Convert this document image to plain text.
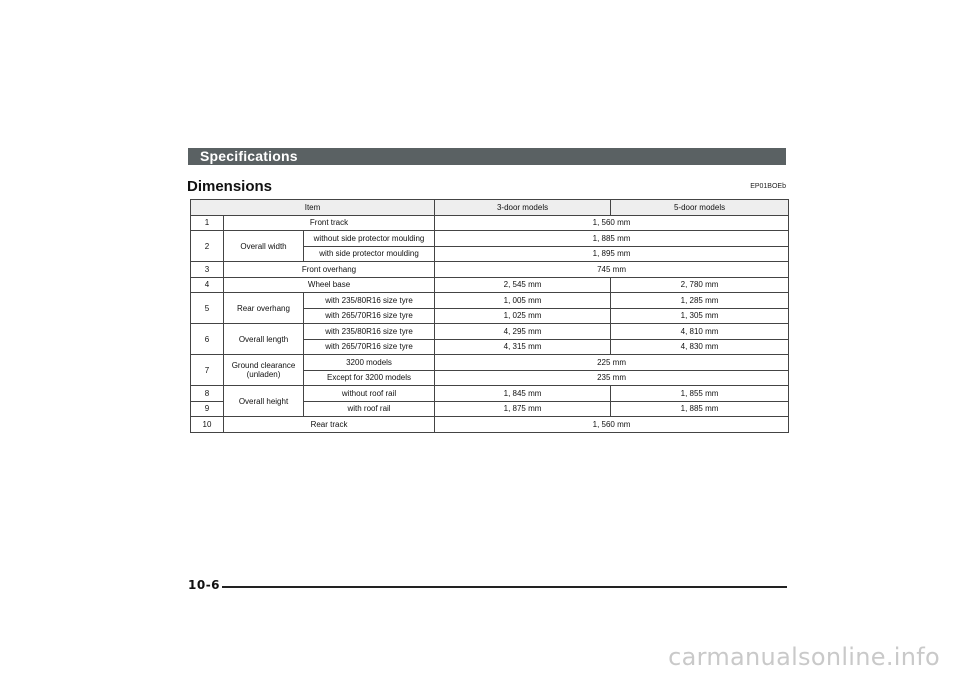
Specifications
Dimensions	EP01BOEb
Item			3-door models	5-door models
1	Front track		1, 560 mm	
2	Overall width	without side protector moulding	1, 885 mm	
		with side protector moulding	1, 895 mm	
3	Front overhang		745 mm	
4	Wheel base		2, 545 mm	2, 780 mm
5	Rear overhang	with 235/80R16 size tyre	1, 005 mm	1, 285 mm
		with 265/70R16 size tyre	1, 025 mm	1, 305 mm
6	Overall length	with 235/80R16 size tyre	4, 295 mm	4, 810 mm
		with 265/70R16 size tyre	4, 315 mm	4, 830 mm
7	Ground clearance (unladen)	3200 models	225 mm	
		Except for 3200 models	235 mm	
8	Overall height	without roof rail	1, 845 mm	1, 855 mm
9		with roof rail	1, 875 mm	1, 885 mm
10	Rear track		1, 560 mm	
10-6
carmanualsonline.info
